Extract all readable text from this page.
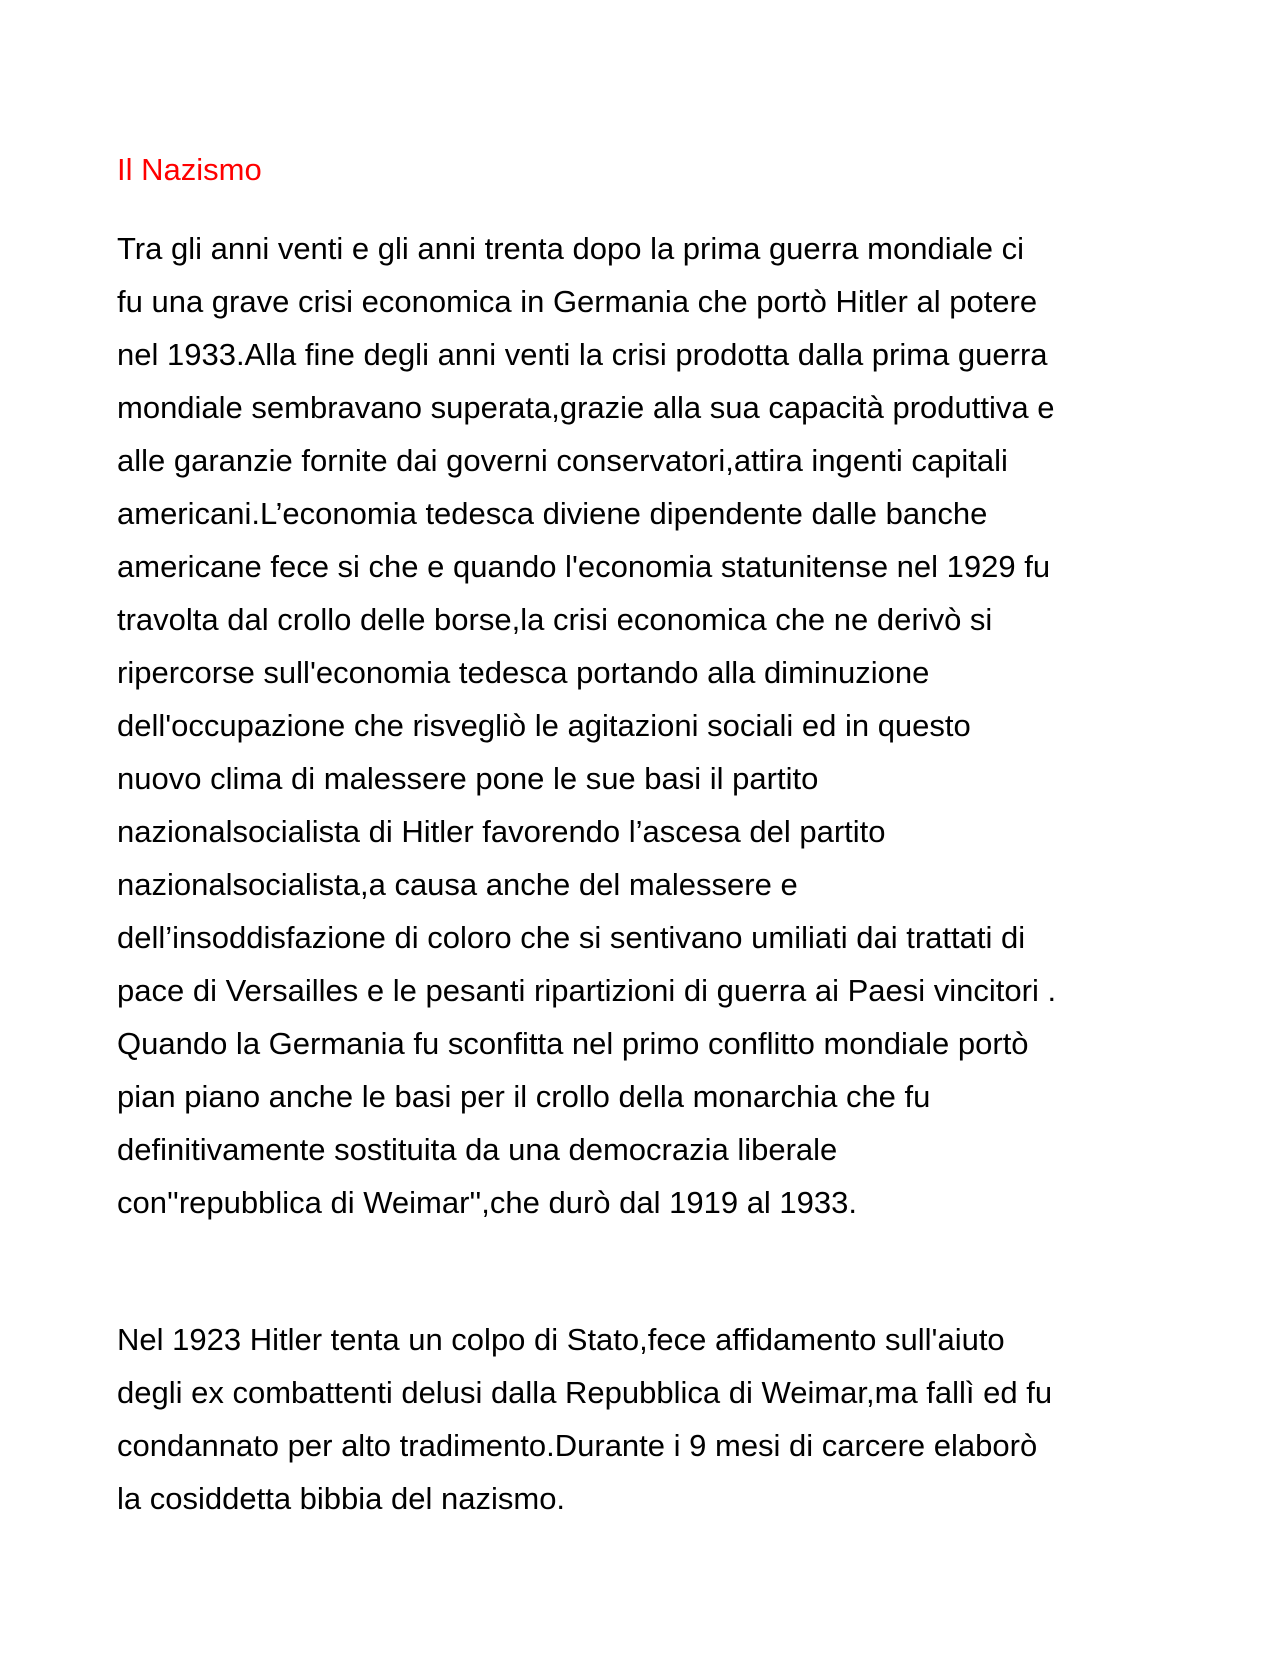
Il Nazismo
Tra gli anni venti e gli anni trenta dopo la prima guerra mondiale ci
fu una grave crisi economica in Germania che portò Hitler al potere
nel 1933.Alla fine degli anni venti la crisi prodotta dalla prima guerra
mondiale sembravano superata,grazie alla sua capacità produttiva e
alle garanzie fornite dai governi conservatori,attira ingenti capitali
americani.L’economia tedesca diviene dipendente dalle banche
americane fece si che e quando l'economia statunitense nel 1929 fu
travolta dal crollo delle borse,la crisi economica che ne derivò si
ripercorse sull'economia tedesca portando alla diminuzione
dell'occupazione che risvegliò le agitazioni sociali ed in questo
nuovo clima di malessere pone le sue basi il partito
nazionalsocialista di Hitler favorendo l’ascesa del partito
nazionalsocialista,a causa anche del malessere e
dell’insoddisfazione di coloro che si sentivano umiliati dai trattati di
pace di Versailles e le pesanti ripartizioni di guerra ai Paesi vincitori .
Quando la Germania fu sconfitta nel primo conflitto mondiale portò
pian piano anche le basi per il crollo della monarchia che fu
definitivamente sostituita da una democrazia liberale
con''repubblica di Weimar'',che durò dal 1919 al 1933.
Nel 1923 Hitler tenta un colpo di Stato,fece affidamento sull'aiuto
degli ex combattenti delusi dalla Repubblica di Weimar,ma fallì ed fu
condannato per alto tradimento.Durante i 9 mesi di carcere elaborò
la cosiddetta bibbia del nazismo.
